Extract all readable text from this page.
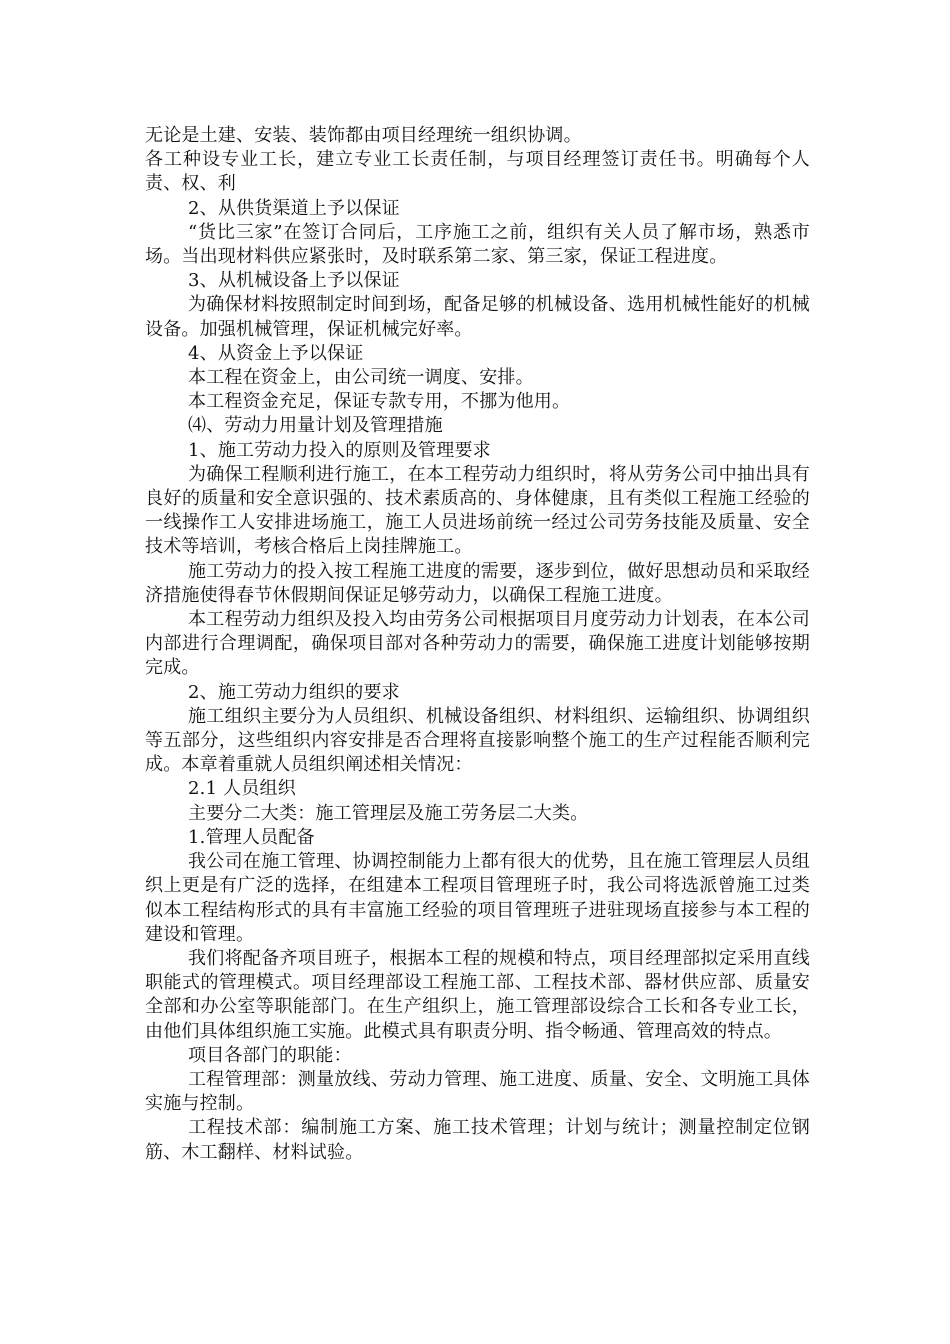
无论是土建、安装、装饰都由项目经理统一组织协调。

各工种设专业工长，建立专业工长责任制，与项目经理签订责任书。明确每个人责、权、利

2、从供货渠道上予以保证

“货比三家”在签订合同后，工序施工之前，组织有关人员了解市场，熟悉市场。当出现材料供应紧张时，及时联系第二家、第三家，保证工程进度。

3、从机械设备上予以保证

为确保材料按照制定时间到场，配备足够的机械设备、选用机械性能好的机械设备。加强机械管理，保证机械完好率。

4、从资金上予以保证

本工程在资金上，由公司统一调度、安排。

本工程资金充足，保证专款专用，不挪为他用。

⑷、劳动力用量计划及管理措施

1、施工劳动力投入的原则及管理要求

为确保工程顺利进行施工，在本工程劳动力组织时，将从劳务公司中抽出具有良好的质量和安全意识强的、技术素质高的、身体健康，且有类似工程施工经验的一线操作工人安排进场施工，施工人员进场前统一经过公司劳务技能及质量、安全技术等培训，考核合格后上岗挂牌施工。

施工劳动力的投入按工程施工进度的需要，逐步到位，做好思想动员和采取经济措施使得春节休假期间保证足够劳动力，以确保工程施工进度。

本工程劳动力组织及投入均由劳务公司根据项目月度劳动力计划表，在本公司内部进行合理调配，确保项目部对各种劳动力的需要，确保施工进度计划能够按期完成。

2、施工劳动力组织的要求

施工组织主要分为人员组织、机械设备组织、材料组织、运输组织、协调组织等五部分，这些组织内容安排是否合理将直接影响整个施工的生产过程能否顺利完成。本章着重就人员组织阐述相关情况：

2.1 人员组织

主要分二大类：施工管理层及施工劳务层二大类。

1.管理人员配备

我公司在施工管理、协调控制能力上都有很大的优势，且在施工管理层人员组织上更是有广泛的选择，在组建本工程项目管理班子时，我公司将选派曾施工过类似本工程结构形式的具有丰富施工经验的项目管理班子进驻现场直接参与本工程的建设和管理。

我们将配备齐项目班子，根据本工程的规模和特点，项目经理部拟定采用直线职能式的管理模式。项目经理部设工程施工部、工程技术部、器材供应部、质量安全部和办公室等职能部门。在生产组织上，施工管理部设综合工长和各专业工长，由他们具体组织施工实施。此模式具有职责分明、指令畅通、管理高效的特点。

项目各部门的职能：

工程管理部：测量放线、劳动力管理、施工进度、质量、安全、文明施工具体实施与控制。

工程技术部：编制施工方案、施工技术管理；计划与统计；测量控制定位钢筋、木工翻样、材料试验。
